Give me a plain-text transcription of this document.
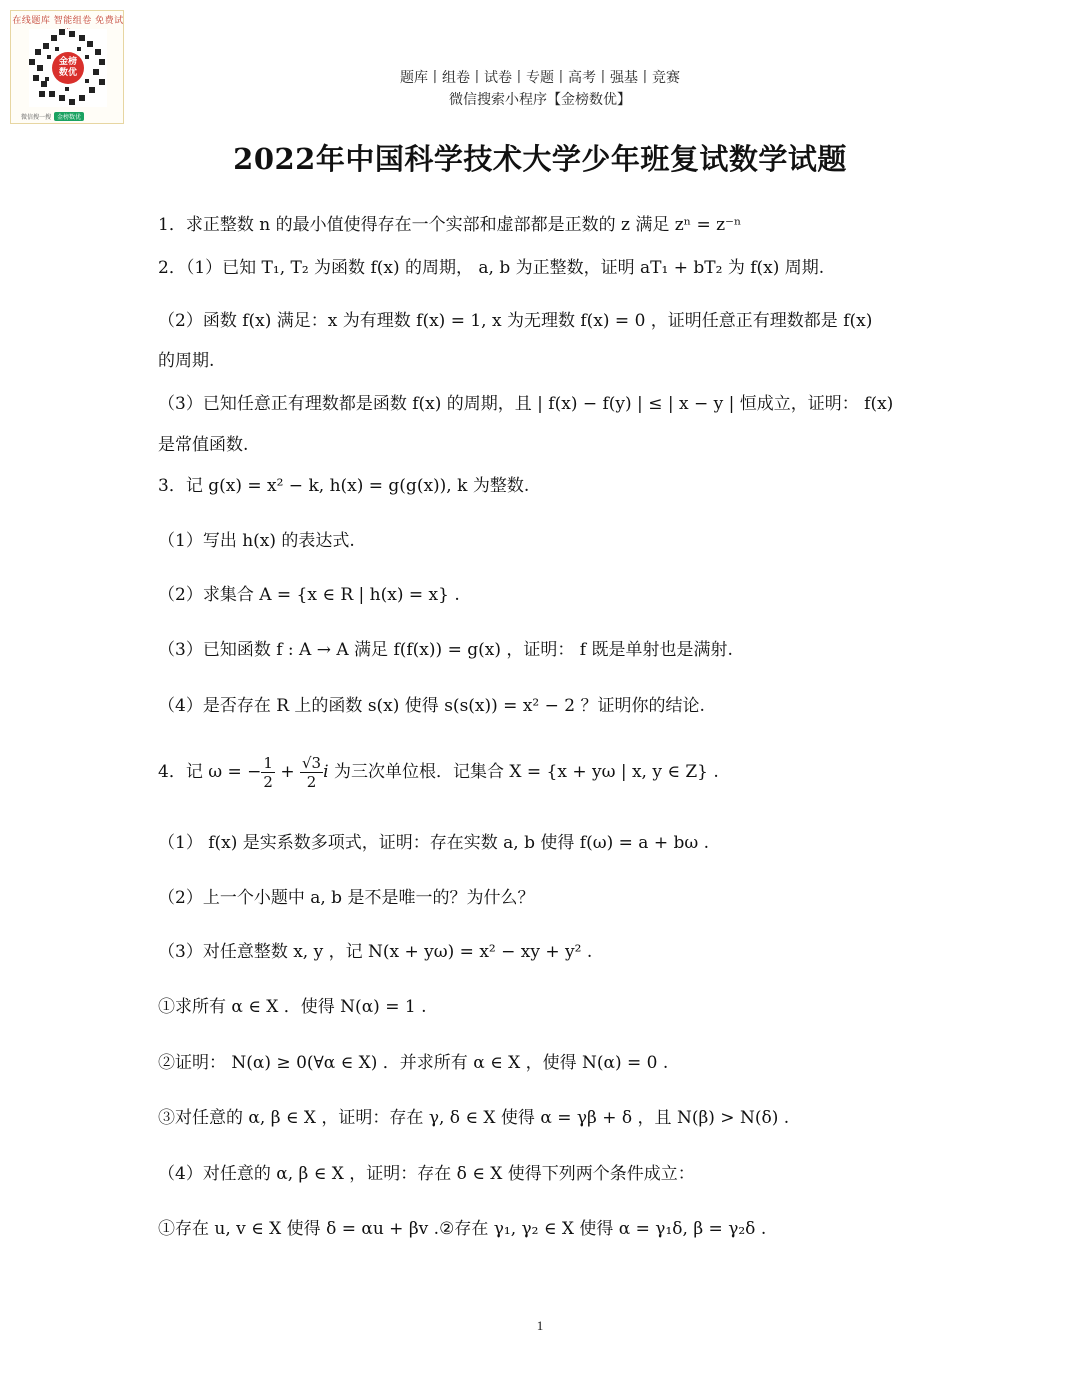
在线题库 智能组卷 免费试
金榜
数优
微信搜一搜	金榜数优
题库丨组卷丨试卷丨专题丨高考丨强基丨竞赛
微信搜索小程序【金榜数优】
2022年中国科学技术大学少年班复试数学试题
1．求正整数 n 的最小值使得存在一个实部和虚部都是正数的 z 满足 zⁿ = z⁻ⁿ
2．（1）已知 T₁, T₂ 为函数 f(x) 的周期， a, b 为正整数，证明 aT₁ + bT₂ 为 f(x) 周期.
（2）函数 f(x) 满足：x 为有理数 f(x) = 1, x 为无理数 f(x) = 0 ，证明任意正有理数都是 f(x)
的周期.
（3）已知任意正有理数都是函数 f(x) 的周期，且 | f(x) − f(y) | ≤ | x − y | 恒成立，证明： f(x)
是常值函数.
3．记 g(x) = x² − k, h(x) = g(g(x)), k 为整数.
（1）写出 h(x) 的表达式.
（2）求集合 A = {x ∈ R | h(x) = x} .
（3）已知函数 f : A → A 满足 f(f(x)) = g(x) ，证明： f 既是单射也是满射.
（4）是否存在 R 上的函数 s(x) 使得 s(s(x)) = x² − 2 ？证明你的结论.
4．记 ω = − $\frac{1}{2} + \frac{√3}{2}$ i 为三次单位根．记集合 X = {x + yω | x, y ∈ Z} .
（1） f(x) 是实系数多项式，证明：存在实数 a, b 使得 f(ω) = a + bω .
（2）上一个小题中 a, b 是不是唯一的？为什么？
（3）对任意整数 x, y ，记 N(x + yω) = x² − xy + y² .
①求所有 α ∈ X ．使得 N(α) = 1 .
②证明： N(α) ≥ 0(∀α ∈ X) ．并求所有 α ∈ X ，使得 N(α) = 0 .
③对任意的 α, β ∈ X ，证明：存在 γ, δ ∈ X 使得 α = γβ + δ ，且 N(β) > N(δ) .
（4）对任意的 α, β ∈ X ，证明：存在 δ ∈ X 使得下列两个条件成立：
①存在 u, v ∈ X 使得 δ = αu + βv .②存在 γ₁, γ₂ ∈ X 使得 α = γ₁δ, β = γ₂δ .
1
